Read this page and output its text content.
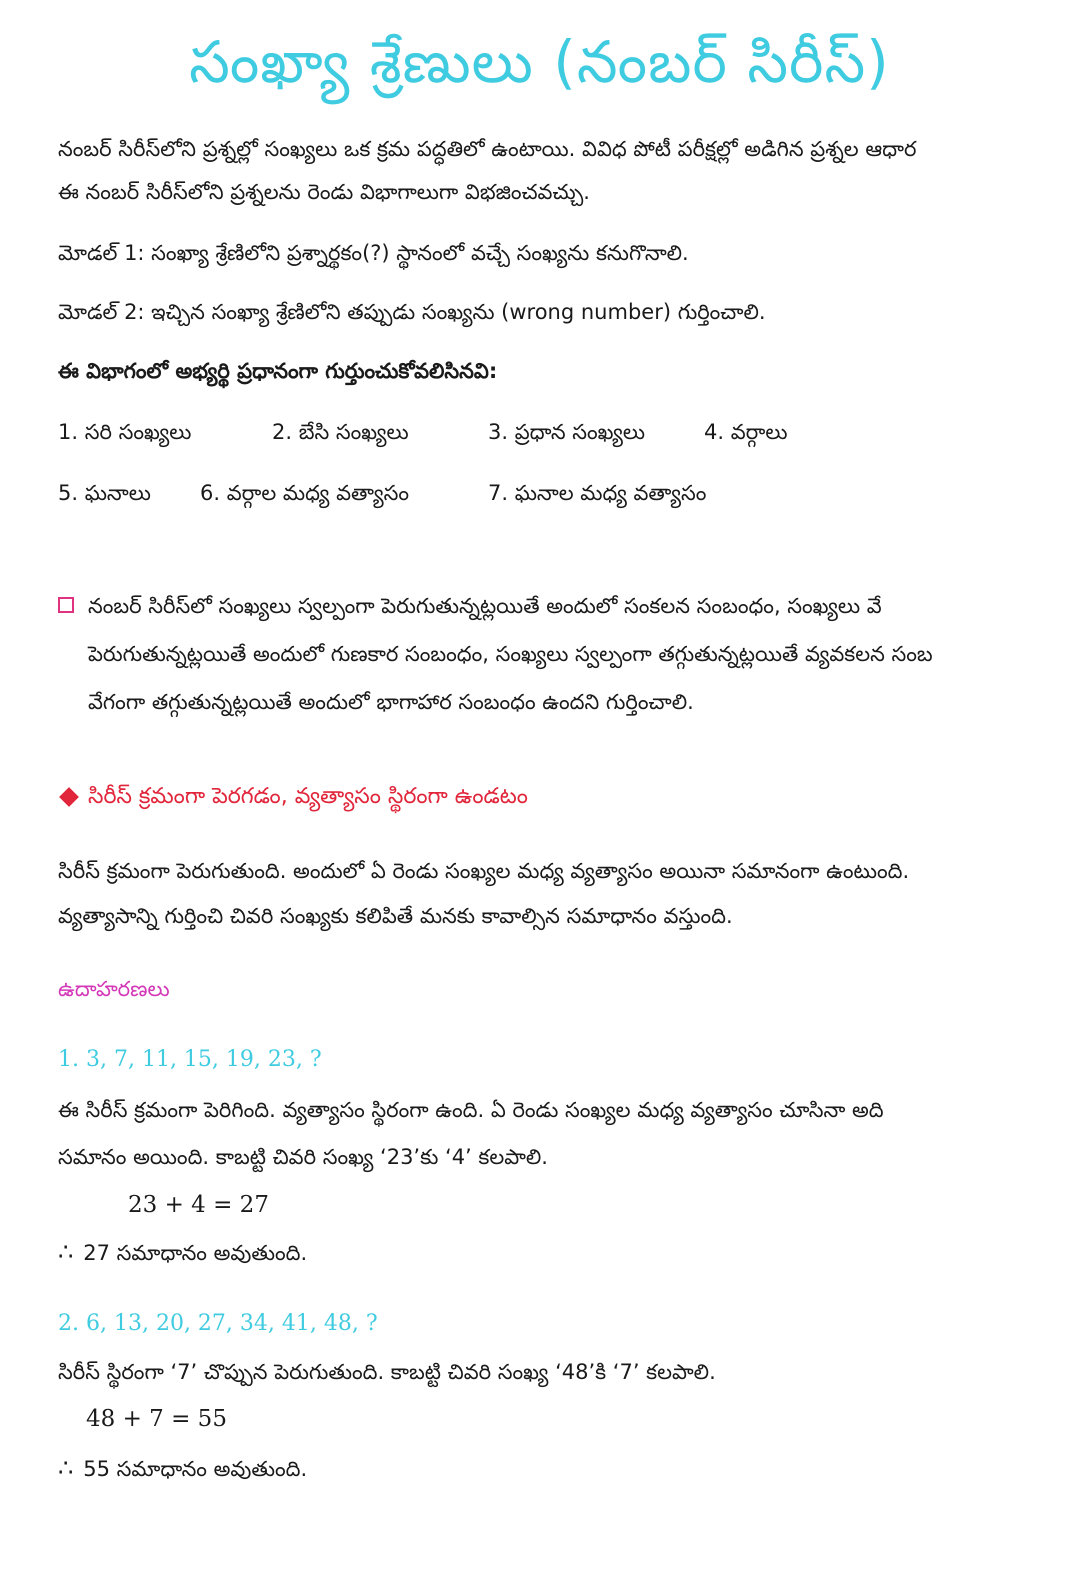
సంఖ్యా శ్రేణులు (నంబర్ సిరీస్)
నంబర్ సిరీస్‌లోని ప్రశ్నల్లో సంఖ్యలు ఒక క్రమ పద్ధతిలో ఉంటాయి. వివిధ పోటీ పరీక్షల్లో అడిగిన ప్రశ్నల ఆధార
ఈ నంబర్ సిరీస్‌లోని ప్రశ్నలను రెండు విభాగాలుగా విభజించవచ్చు.
మోడల్ 1: సంఖ్యా శ్రేణిలోని ప్రశ్నార్థకం(?) స్థానంలో వచ్చే సంఖ్యను కనుగొనాలి.
మోడల్ 2: ఇచ్చిన సంఖ్యా శ్రేణిలోని తప్పుడు సంఖ్యను (wrong number) గుర్తించాలి.
ఈ విభాగంలో అభ్యర్థి ప్రధానంగా గుర్తుంచుకోవలిసినవి:
1. సరి సంఖ్యలు	2. బేసి సంఖ్యలు	3. ప్రధాన సంఖ్యలు	4. వర్గాలు
5. ఘనాలు 6. వర్గాల మధ్య వత్యాసం	7. ఘనాల మధ్య వత్యాసం
నంబర్ సిరీస్‌లో సంఖ్యలు స్వల్పంగా పెరుగుతున్నట్లయితే అందులో సంకలన సంబంధం, సంఖ్యలు వే
పెరుగుతున్నట్లయితే అందులో గుణకార సంబంధం, సంఖ్యలు స్వల్పంగా తగ్గుతున్నట్లయితే వ్యవకలన సంబ
వేగంగా తగ్గుతున్నట్లయితే అందులో భాగాహార సంబంధం ఉందని గుర్తించాలి.
సిరీస్ క్రమంగా పెరగడం, వ్యత్యాసం స్థిరంగా ఉండటం
సిరీస్ క్రమంగా పెరుగుతుంది. అందులో ఏ రెండు సంఖ్యల మధ్య వ్యత్యాసం అయినా సమానంగా ఉంటుంది.
వ్యత్యాసాన్ని గుర్తించి చివరి సంఖ్యకు కలిపితే మనకు కావాల్సిన సమాధానం వస్తుంది.
ఉదాహరణలు
1. 3, 7, 11, 15, 19, 23, ?
ఈ సిరీస్ క్రమంగా పెరిగింది. వ్యత్యాసం స్థిరంగా ఉంది. ఏ రెండు సంఖ్యల మధ్య వ్యత్యాసం చూసినా అది
సమానం అయింది. కాబట్టి చివరి సంఖ్య ‘23’కు ‘4’ కలపాలి.
23 + 4 = 27
∴ 27 సమాధానం అవుతుంది.
2. 6, 13, 20, 27, 34, 41, 48, ?
సిరీస్ స్థిరంగా ‘7’ చొప్పున పెరుగుతుంది. కాబట్టి చివరి సంఖ్య ‘48’కి ‘7’ కలపాలి.
48 + 7 = 55
∴ 55 సమాధానం అవుతుంది.
